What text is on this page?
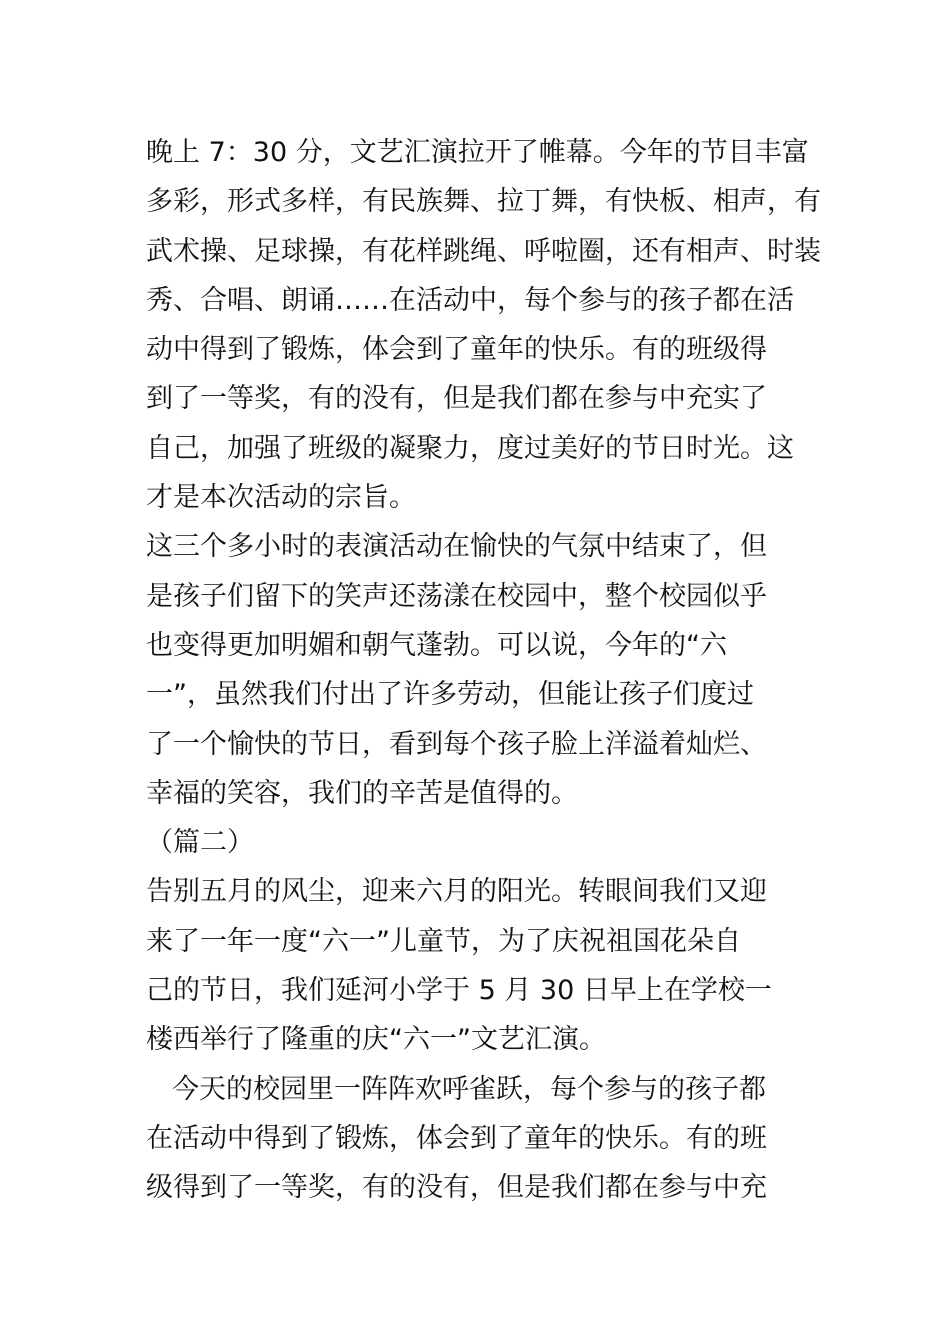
晚上 7：30 分，文艺汇演拉开了帷幕。今年的节目丰富
多彩，形式多样，有民族舞、拉丁舞，有快板、相声，有
武术操、足球操，有花样跳绳、呼啦圈，还有相声、时装
秀、合唱、朗诵……在活动中，每个参与的孩子都在活
动中得到了锻炼，体会到了童年的快乐。有的班级得
到了一等奖，有的没有，但是我们都在参与中充实了
自己，加强了班级的凝聚力，度过美好的节日时光。这
才是本次活动的宗旨。
这三个多小时的表演活动在愉快的气氛中结束了，但
是孩子们留下的笑声还荡漾在校园中，整个校园似乎
也变得更加明媚和朝气蓬勃。可以说，今年的“六
一”，虽然我们付出了许多劳动，但能让孩子们度过
了一个愉快的节日，看到每个孩子脸上洋溢着灿烂、
幸福的笑容，我们的辛苦是值得的。
（篇二）
告别五月的风尘，迎来六月的阳光。转眼间我们又迎
来了一年一度“六一”儿童节，为了庆祝祖国花朵自
己的节日，我们延河小学于 5 月 30 日早上在学校一
楼西举行了隆重的庆“六一”文艺汇演。
今天的校园里一阵阵欢呼雀跃，每个参与的孩子都
在活动中得到了锻炼，体会到了童年的快乐。有的班
级得到了一等奖，有的没有，但是我们都在参与中充
